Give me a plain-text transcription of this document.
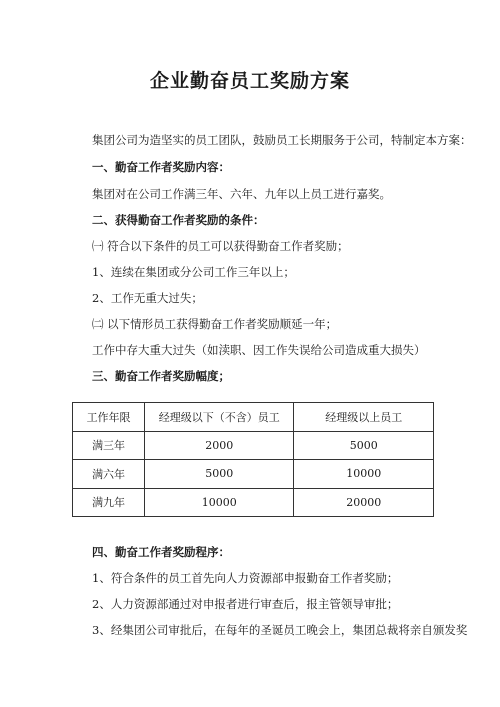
企业勤奋员工奖励方案
集团公司为造坚实的员工团队，鼓励员工长期服务于公司，特制定本方案：
一、勤奋工作者奖励内容：
集团对在公司工作满三年、六年、九年以上员工进行嘉奖。
二、获得勤奋工作者奖励的条件：
㈠ 符合以下条件的员工可以获得勤奋工作者奖励；
1、连续在集团或分公司工作三年以上；
2、工作无重大过失；
㈡ 以下情形员工获得勤奋工作者奖励顺延一年；
工作中存大重大过失（如渎职、因工作失误给公司造成重大损失）
三、勤奋工作者奖励幅度；
工作年限	经理级以下（不含）员工	经理级以上员工
满三年	2000	5000
满六年	5000	10000
满九年	10000	20000
四、勤奋工作者奖励程序：
1、符合条件的员工首先向人力资源部申报勤奋工作者奖励；
2、人力资源部通过对申报者进行审查后，报主管领导审批；
3、经集团公司审批后，在每年的圣诞员工晚会上，集团总裁将亲自颁发奖
